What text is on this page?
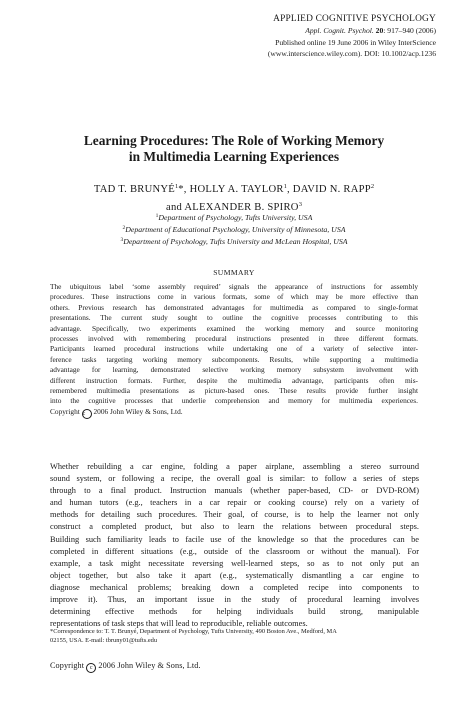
APPLIED COGNITIVE PSYCHOLOGY
Appl. Cognit. Psychol. 20: 917–940 (2006)
Published online 19 June 2006 in Wiley InterScience
(www.interscience.wiley.com). DOI: 10.1002/acp.1236
Learning Procedures: The Role of Working Memory
in Multimedia Learning Experiences
TAD T. BRUNYÉ$^1$*, HOLLY A. TAYLOR$^1$, DAVID N. RAPP$^2$
and ALEXANDER B. SPIRO$^3$
$^1$Department of Psychology, Tufts University, USA
$^2$Department of Educational Psychology, University of Minnesota, USA
$^3$Department of Psychology, Tufts University and McLean Hospital, USA
SUMMARY
The ubiquitous label ‘some assembly required’ signals the appearance of instructions for assembly
procedures. These instructions come in various formats, some of which may be more effective than
others. Previous research has demonstrated advantages for multimedia as compared to single-format
presentations. The current study sought to outline the cognitive processes contributing to this
advantage. Specifically, two experiments examined the working memory and source monitoring
processes involved with remembering procedural instructions presented in three different formats.
Participants learned procedural instructions while undertaking one of a variety of selective inter-
ference tasks targeting working memory subcomponents. Results, while supporting a multimedia
advantage for learning, demonstrated selective working memory subsystem involvement with
different instruction formats. Further, despite the multimedia advantage, participants often mis-
remembered multimedia presentations as picture-based ones. These results provide further insight
into the cognitive processes that underlie comprehension and memory for multimedia experiences.
Copyright c 2006 John Wiley & Sons, Ltd.
Whether rebuilding a car engine, folding a paper airplane, assembling a stereo surround
sound system, or following a recipe, the overall goal is similar: to follow a series of steps
through to a final product. Instruction manuals (whether paper-based, CD- or DVD-ROM)
and human tutors (e.g., teachers in a car repair or cooking course) rely on a variety of
methods for detailing such procedures. Their goal, of course, is to help the learner not only
construct a completed product, but also to learn the relations between procedural steps.
Building such familiarity leads to facile use of the knowledge so that the procedures can be
completed in different situations (e.g., outside of the classroom or without the manual). For
example, a task might necessitate reversing well-learned steps, so as to not only put an
object together, but also take it apart (e.g., systematically dismantling a car engine to
diagnose mechanical problems; breaking down a completed recipe into components to
improve it). Thus, an important issue in the study of procedural learning involves
determining effective methods for helping individuals build strong, manipulable
representations of task steps that will lead to reproducible, reliable outcomes.
*Correspondence to: T. T. Brunyé, Department of Psychology, Tufts University, 490 Boston Ave., Medford, MA
02155, USA. E-mail: tbruny01@tufts.edu
Copyright c 2006 John Wiley & Sons, Ltd.
